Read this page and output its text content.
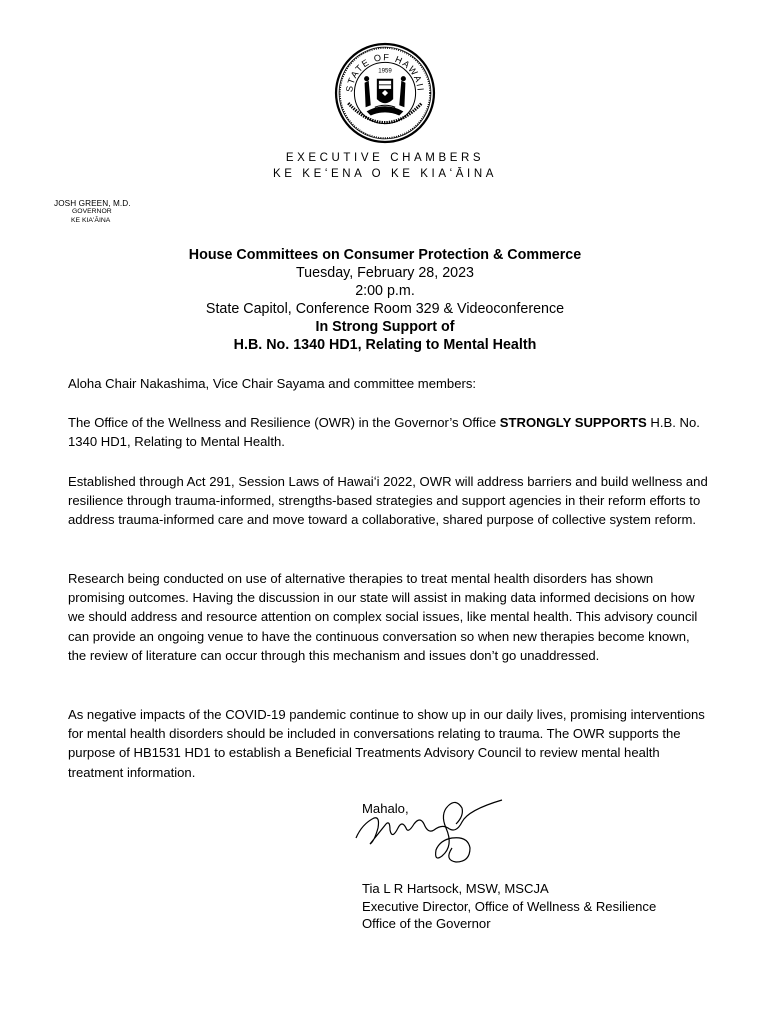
STATE OF HAWAII
1959
EXECUTIVE CHAMBERS
KE KEʻENA O KE KIAʻĀINA
JOSH GREEN, M.D.
GOVERNOR
KE KIAʻĀINA
House Committees on Consumer Protection & Commerce
Tuesday, February 28, 2023
2:00 p.m.
State Capitol, Conference Room 329 & Videoconference
In Strong Support of
H.B. No. 1340 HD1, Relating to Mental Health
Aloha Chair Nakashima, Vice Chair Sayama and committee members:
The Office of the Wellness and Resilience (OWR) in the Governor’s Office STRONGLY SUPPORTS H.B. No. 1340 HD1, Relating to Mental Health.
Established through Act 291, Session Laws of Hawaiʻi 2022, OWR will address barriers and build wellness and resilience through trauma-informed, strengths-based strategies and support agencies in their reform efforts to address trauma-informed care and move toward a collaborative, shared purpose of collective system reform.
Research being conducted on use of alternative therapies to treat mental health disorders has shown promising outcomes. Having the discussion in our state will assist in making data informed decisions on how we should address and resource attention on complex social issues, like mental health. This advisory council can provide an ongoing venue to have the continuous conversation so when new therapies become known, the review of literature can occur through this mechanism and issues don’t go unaddressed.
As negative impacts of the COVID-19 pandemic continue to show up in our daily lives, promising interventions for mental health disorders should be included in conversations relating to trauma. The OWR supports the purpose of HB1531 HD1 to establish a Beneficial Treatments Advisory Council to review mental health treatment information.
Mahalo,
Tia L R Hartsock, MSW, MSCJA
Executive Director, Office of Wellness & Resilience
Office of the Governor
